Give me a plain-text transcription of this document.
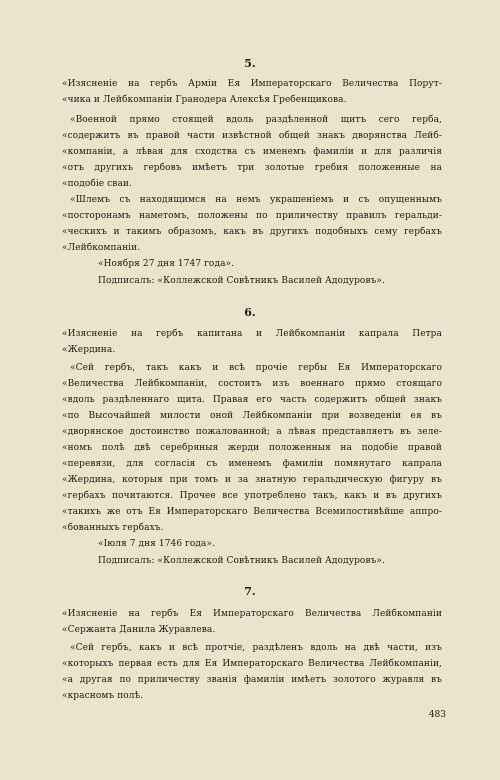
5.
«Изясненіе на гербъ Арміи Ея Императорскаго Величества Порут-
«чика и Лейбкомпаніи Гранодера Алексѣя Гребенщикова.
«Военной прямо стоящей вдоль раздѣленной щитъ сего герба,
«содержитъ въ правой части извѣстной общей знакъ дворянства Лейб-
«компаніи, а лѣвая для сходства съ именемъ фамиліи и для различія
«отъ другихъ гербовъ имѣетъ три золотые гребия положенные на
«подобіе сваи.
«Шлемъ съ находящимся на немъ украшеніемъ и съ опущеннымъ
«посторонамъ наметомъ, положены по приличеству правилъ геральди-
«ческихъ и такимъ образомъ, какъ въ другихъ подобныхъ сему гербахъ
«Лейбкомпаніи.
«Ноября 27 дня 1747 года».
Подписалъ: «Коллежской Совѣтникъ Василей Адодуровъ».
6.
«Изясненіе на гербъ капитана и Лейбкомпаніи капрала Петра
«Жердина.
«Сей гербъ, такъ какъ и всѣ прочіе гербы Ея Императорскаго
«Величества Лейбкомпаніи, состоитъ изъ военнаго прямо стоящаго
«вдоль раздѣленнаго щита. Правая его часть содержитъ общей знакъ
«по Высочайшей милости оной Лейбкомпаніи при возведеніи ея въ
«дворянское достоинство пожалованной; а лѣвая представляетъ въ зеле-
«номъ полѣ двѣ серебряныя жерди положенныя на подобіе правой
«перевязи, для согласія съ именемъ фамиліи помянутаго капрала
«Жердина, которыя при томъ и за знатную геральдическую фигуру въ
«гербахъ почитаются. Прочее все употреблено такъ, какъ и въ другихъ
«такихъ же отъ Ея Императорскаго Величества Всемилостивѣйше аппро-
«бованныхъ гербахъ.
«Іюля 7 дня 1746 года».
Подписалъ: «Коллежской Совѣтникъ Василей Адодуровъ».
7.
«Изясненіе на гербъ Ея Императорскаго Величества Лейбкомпаніи
«Сержанта Данила Журавлева.
«Сей гербъ, какъ и всѣ протчіе, раздѣленъ вдоль на двѣ части, изъ
«которыхъ первая есть для Ея Императорскаго Величества Лейбкомпаніи,
«а другая по приличеству званія фамиліи имѣетъ золотого журавля въ
«красномъ полѣ.
483
